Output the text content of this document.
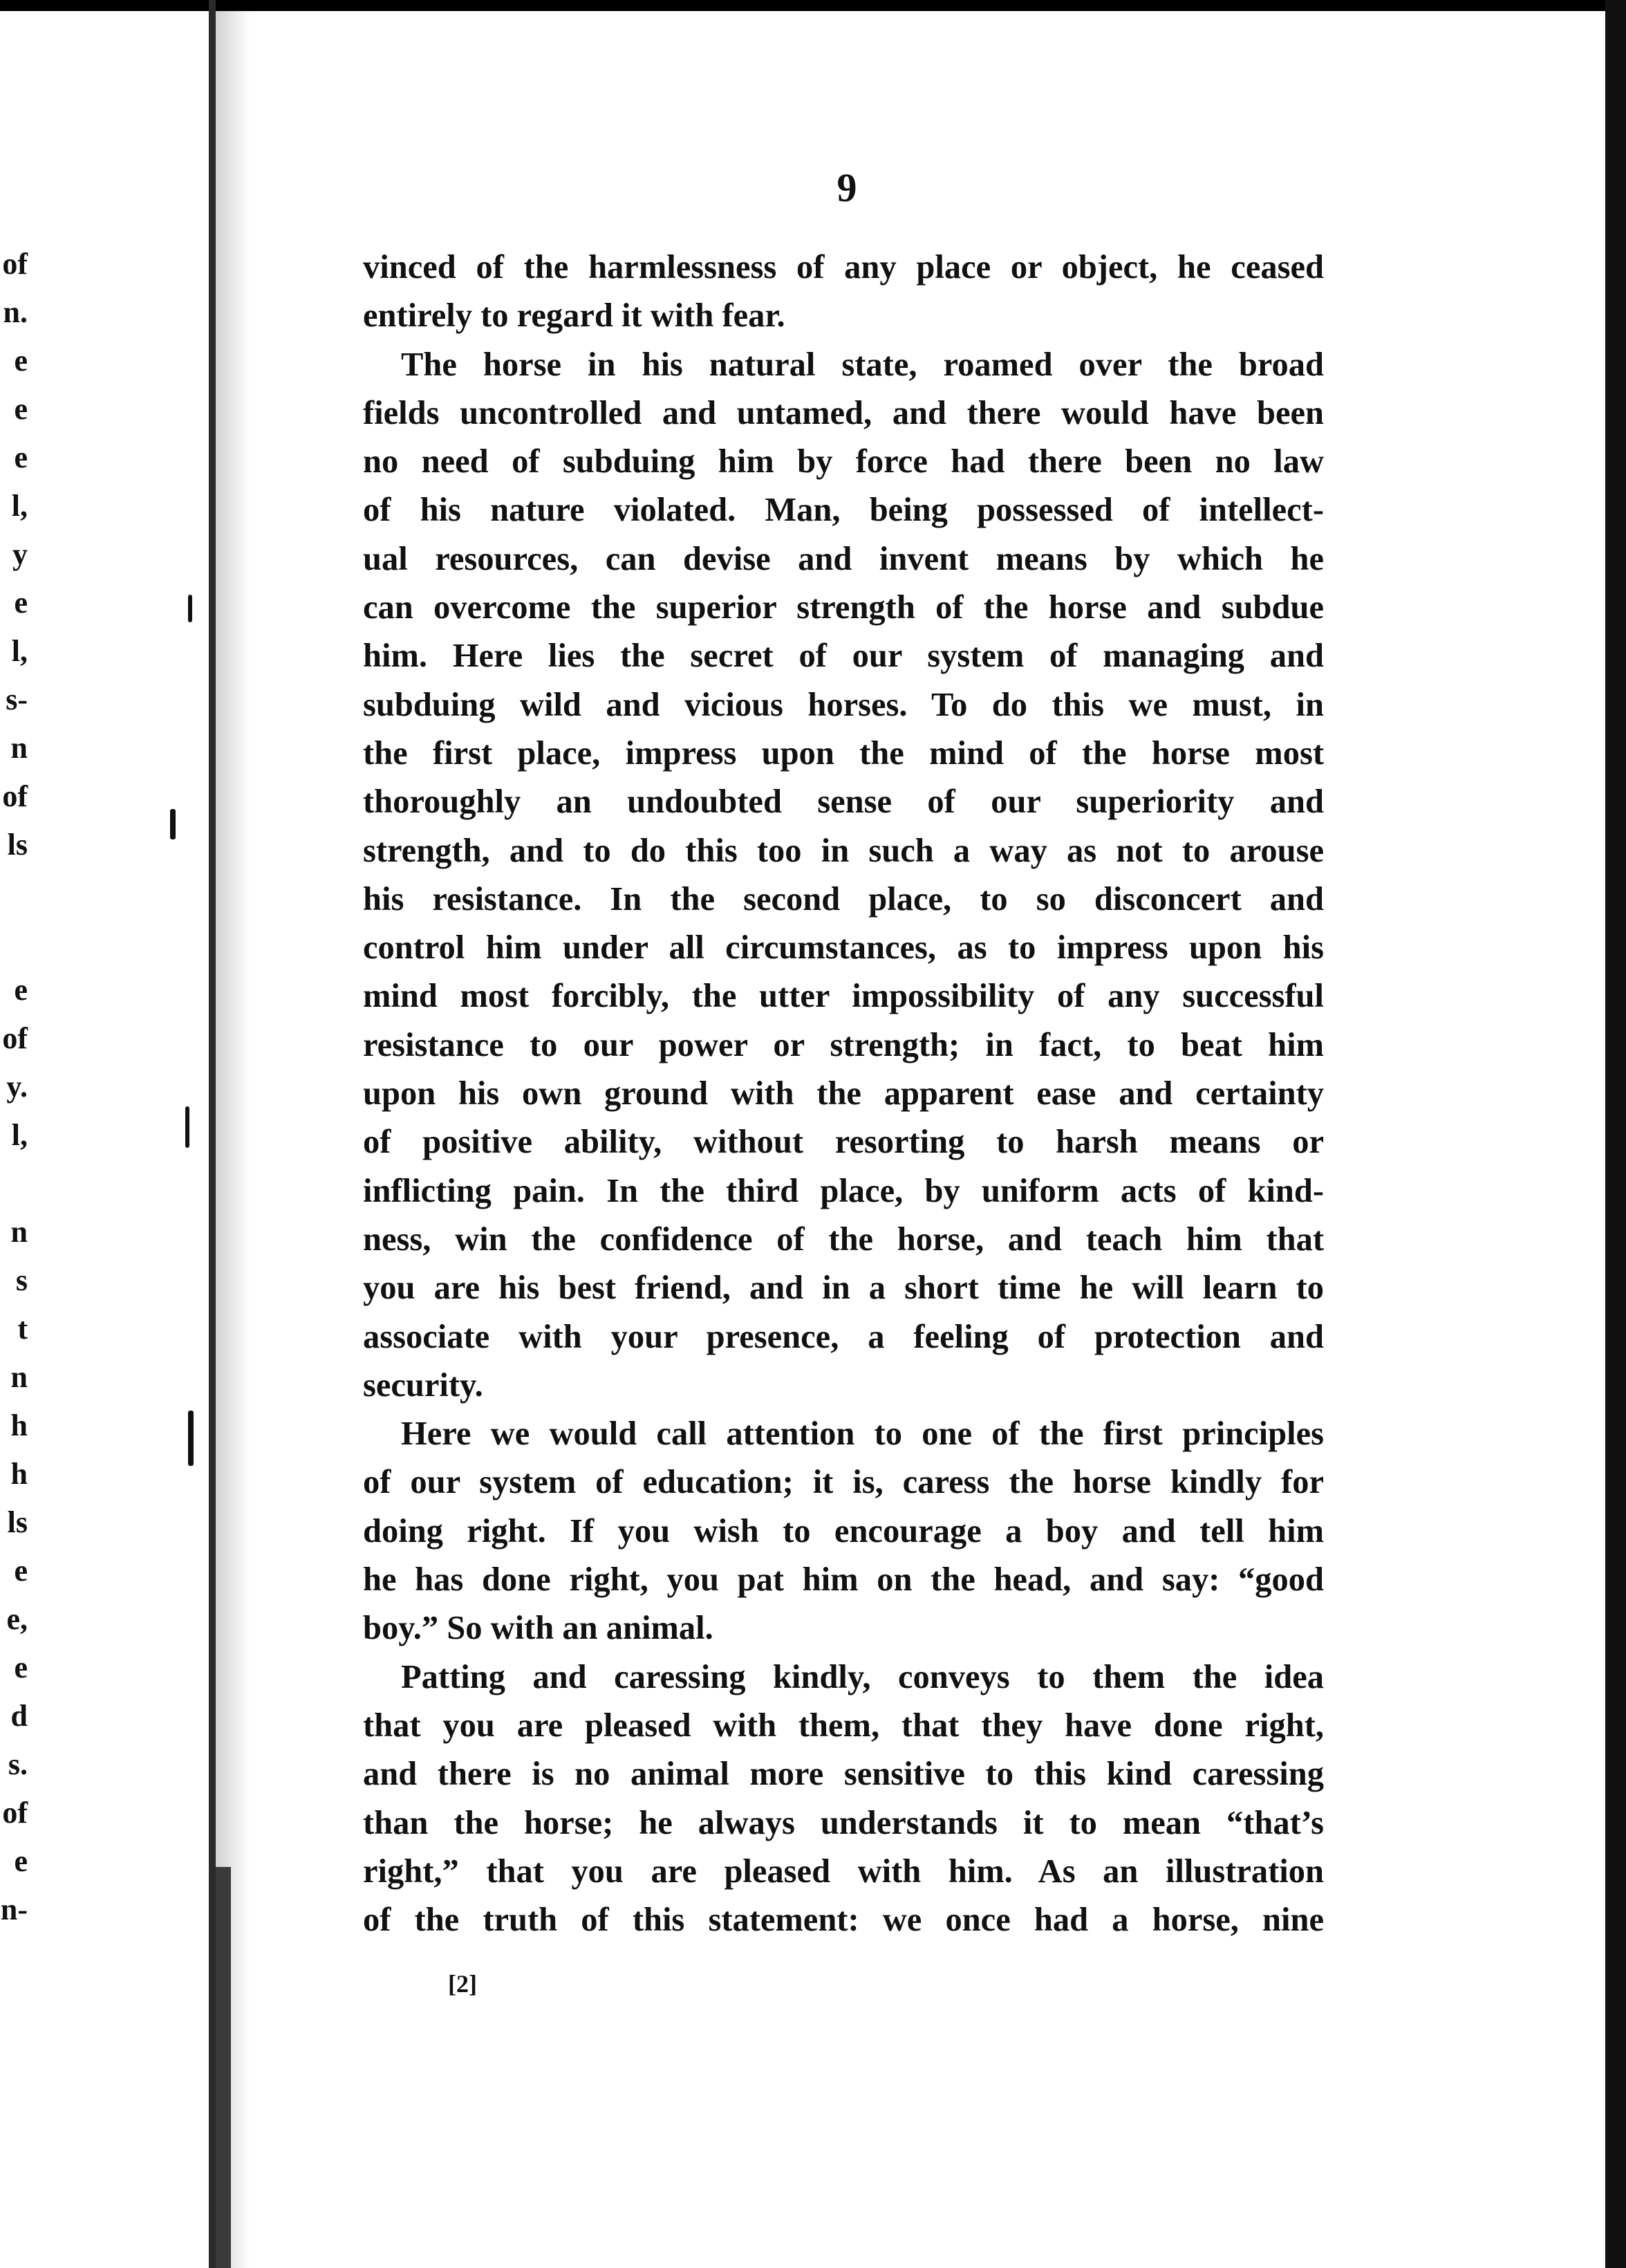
of
n.
e
e
e
l,
y
e
l,
s-
n
of
ls
e
of
y.
l,
n
s
t
n
h
h
ls
e
e,
e
d
s.
of
e
n-
9
vinced of the harmlessness of any place or object, he ceased
entirely to regard it with fear.
The horse in his natural state, roamed over the broad
fields uncontrolled and untamed, and there would have been
no need of subduing him by force had there been no law
of his nature violated. Man, being possessed of intellect-
ual resources, can devise and invent means by which he
can overcome the superior strength of the horse and subdue
him. Here lies the secret of our system of managing and
subduing wild and vicious horses. To do this we must, in
the first place, impress upon the mind of the horse most
thoroughly an undoubted sense of our superiority and
strength, and to do this too in such a way as not to arouse
his resistance. In the second place, to so disconcert and
control him under all circumstances, as to impress upon his
mind most forcibly, the utter impossibility of any successful
resistance to our power or strength; in fact, to beat him
upon his own ground with the apparent ease and certainty
of positive ability, without resorting to harsh means or
inflicting pain. In the third place, by uniform acts of kind-
ness, win the confidence of the horse, and teach him that
you are his best friend, and in a short time he will learn to
associate with your presence, a feeling of protection and
security.
Here we would call attention to one of the first principles
of our system of education; it is, caress the horse kindly for
doing right. If you wish to encourage a boy and tell him
he has done right, you pat him on the head, and say: “good
boy.” So with an animal.
Patting and caressing kindly, conveys to them the idea
that you are pleased with them, that they have done right,
and there is no animal more sensitive to this kind caressing
than the horse; he always understands it to mean “that’s
right,” that you are pleased with him. As an illustration
of the truth of this statement: we once had a horse, nine
[2]
